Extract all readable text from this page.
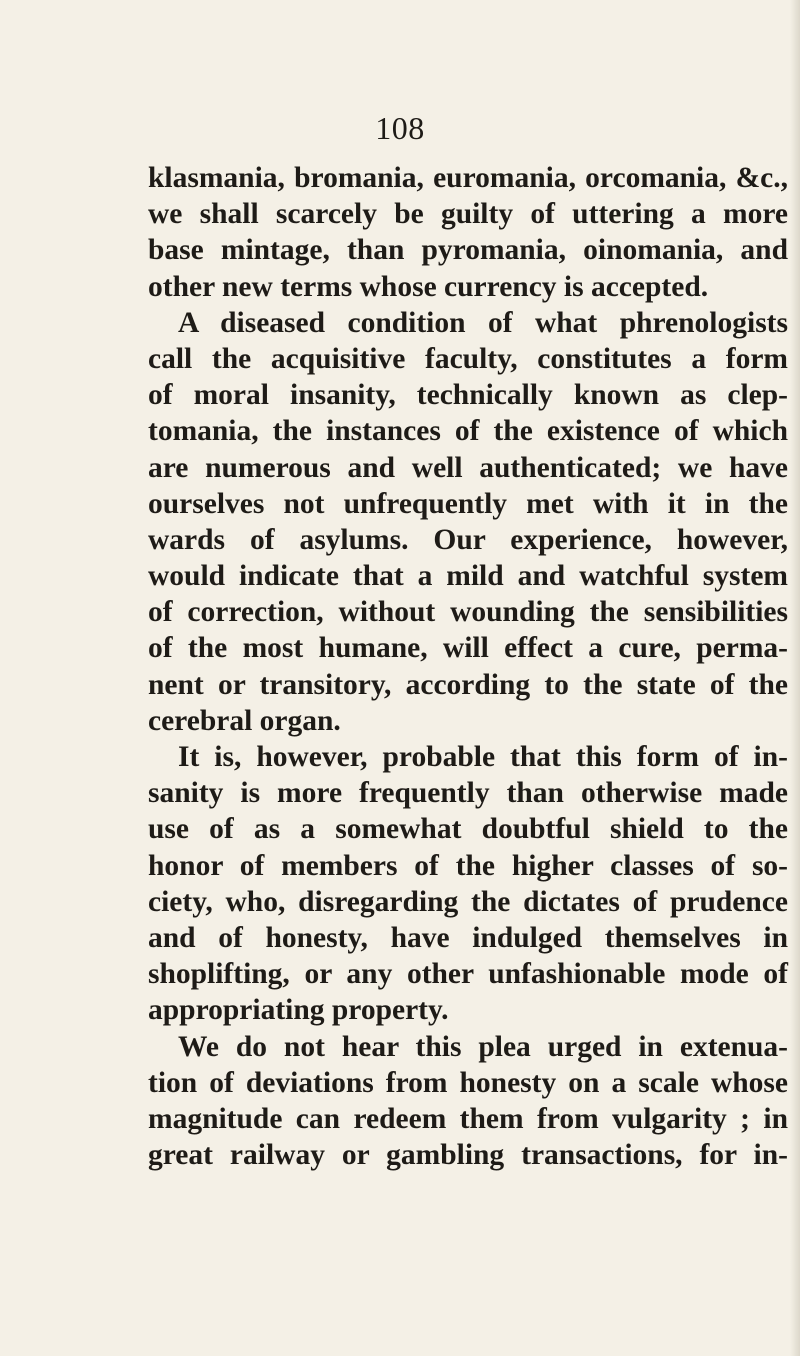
108
klasmania, bromania, euromania, orcomania, &c.,
we shall scarcely be guilty of uttering a more
base mintage, than pyromania, oinomania, and
other new terms whose currency is accepted.
A diseased condition of what phrenologists
call the acquisitive faculty, constitutes a form
of moral insanity, technically known as clep-
tomania, the instances of the existence of which
are numerous and well authenticated; we have
ourselves not unfrequently met with it in the
wards of asylums. Our experience, however,
would indicate that a mild and watchful system
of correction, without wounding the sensibilities
of the most humane, will effect a cure, perma-
nent or transitory, according to the state of the
cerebral organ.
It is, however, probable that this form of in-
sanity is more frequently than otherwise made
use of as a somewhat doubtful shield to the
honor of members of the higher classes of so-
ciety, who, disregarding the dictates of prudence
and of honesty, have indulged themselves in
shoplifting, or any other unfashionable mode of
appropriating property.
We do not hear this plea urged in extenua-
tion of deviations from honesty on a scale whose
magnitude can redeem them from vulgarity ; in
great railway or gambling transactions, for in-
